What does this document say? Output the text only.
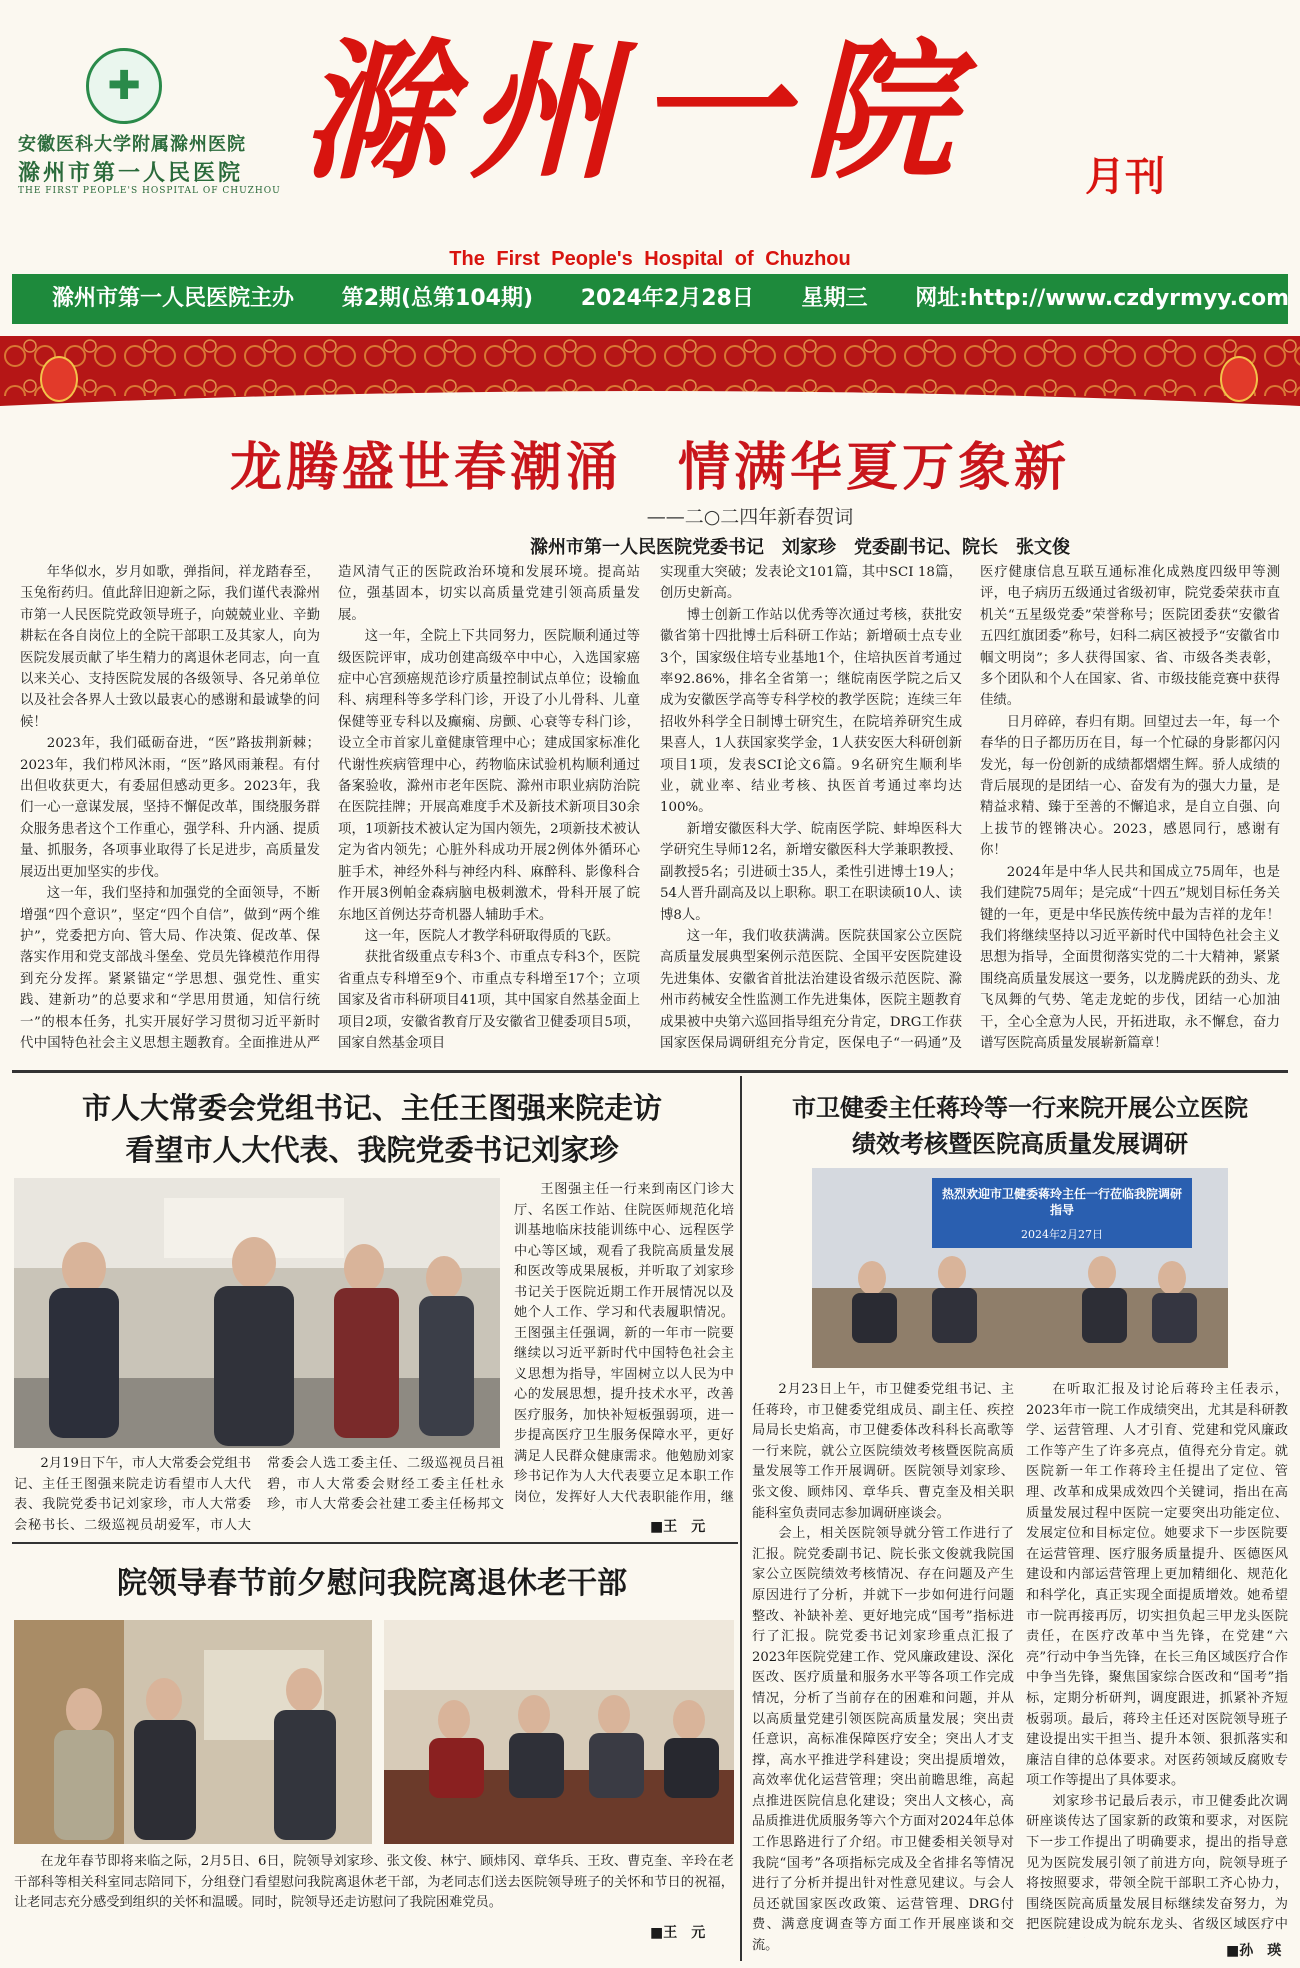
✚
安徽医科大学附属滁州医院
滁州市第一人民医院
THE FIRST PEOPLE'S HOSPITAL OF CHUZHOU 滁州一院	月刊
The First People's Hospital of Chuzhou
滁州市第一人民医院主办 第2期(总第104期) 2024年2月28日 星期三 网址:http://www.czdyrmyy.com
龙腾盛世春潮涌　情满华夏万象新
——二○二四年新春贺词
滁州市第一人民医院党委书记　刘家珍　党委副书记、院长　张文俊

年华似水，岁月如歌，弹指间，祥龙踏春至，玉兔衔药归。值此辞旧迎新之际，我们谨代表滁州市第一人民医院党政领导班子，向兢兢业业、辛勤耕耘在各自岗位上的全院干部职工及其家人，向为医院发展贡献了毕生精力的离退休老同志，向一直以来关心、支持医院发展的各级领导、各兄弟单位以及社会各界人士致以最衷心的感谢和最诚挚的问候！

2023年，我们砥砺奋进，“医”路拔荆新棘；2023年，我们栉风沐雨，“医”路风雨兼程。有付出但收获更大，有委屈但感动更多。2023年，我们一心一意谋发展，坚持不懈促改革，围绕服务群众服务患者这个工作重心，强学科、升内涵、提质量、抓服务，各项事业取得了长足进步，高质量发展迈出更加坚实的步伐。

这一年，我们坚持和加强党的全面领导，不断增强“四个意识”，坚定“四个自信”，做到“两个维护”，党委把方向、管大局、作决策、促改革、保落实作用和党支部战斗堡垒、党员先锋模范作用得到充分发挥。紧紧锚定“学思想、强党性、重实践、建新功”的总要求和“学思用贯通，知信行统一”的根本任务，扎实开展好学习贯彻习近平新时代中国特色社会主义思想主题教育。全面推进从严

造风清气正的医院政治环境和发展环境。提高站位，强基固本，切实以高质量党建引领高质量发展。

这一年，全院上下共同努力，医院顺利通过等级医院评审，成功创建高级卒中中心，入选国家癌症中心宫颈癌规范诊疗质量控制试点单位；设输血科、病理科等多学科门诊，开设了小儿骨科、儿童保健等亚专科以及癫痫、房颤、心衰等专科门诊，设立全市首家儿童健康管理中心；建成国家标准化代谢性疾病管理中心，药物临床试验机构顺利通过备案验收，滁州市老年医院、滁州市职业病防治院在医院挂牌；开展高难度手术及新技术新项目30余项，1项新技术被认定为国内领先，2项新技术被认定为省内领先；心脏外科成功开展2例体外循环心脏手术，神经外科与神经内科、麻醉科、影像科合作开展3例帕金森病脑电极刺激术，骨科开展了皖东地区首例达芬奇机器人辅助手术。

这一年，医院人才教学科研取得质的飞跃。

获批省级重点专科3个、市重点专科3个，医院省重点专科增至9个、市重点专科增至17个；立项国家及省市科研项目41项，其中国家自然基金面上项目2项，安徽省教育厅及安徽省卫健委项目5项，国家自然基金项目

实现重大突破；发表论文101篇，其中SCI 18篇，创历史新高。

博士创新工作站以优秀等次通过考核，获批安徽省第十四批博士后科研工作站；新增硕士点专业3个，国家级住培专业基地1个，住培执医首考通过率92.86%，排名全省第一；继皖南医学院之后又成为安徽医学高等专科学校的教学医院；连续三年招收外科学全日制博士研究生，在院培养研究生成果喜人，1人获国家奖学金，1人获安医大科研创新项目1项，发表SCI论文6篇。9名研究生顺利毕业，就业率、结业考核、执医首考通过率均达100%。

新增安徽医科大学、皖南医学院、蚌埠医科大学研究生导师12名，新增安徽医科大学兼职教授、副教授5名；引进硕士35人，柔性引进博士19人；54人晋升副高及以上职称。职工在职读硕10人、读博8人。

这一年，我们收获满满。医院获国家公立医院高质量发展典型案例示范医院、全国平安医院建设先进集体、安徽省首批法治建设省级示范医院、滁州市药械安全性监测工作先进集体，医院主题教育成果被中央第六巡回指导组充分肯定，DRG工作获国家医保局调研组充分肯定，医保电子“一码通”及

医疗健康信息互联互通标准化成熟度四级甲等测评，电子病历五级通过省级初审，院党委荣获市直机关“五星级党委”荣誉称号；医院团委获“安徽省五四红旗团委”称号，妇科二病区被授予“安徽省巾帼文明岗”；多人获得国家、省、市级各类表彰，多个团队和个人在国家、省、市级技能竞赛中获得佳绩。

日月碎碎，春归有期。回望过去一年，每一个春华的日子都历历在目，每一个忙碌的身影都闪闪发光，每一份创新的成绩都熠熠生辉。骄人成绩的背后展现的是团结一心、奋发有为的强大力量，是精益求精、臻于至善的不懈追求，是自立自强、向上拔节的铿锵决心。2023，感恩同行，感谢有你！

2024年是中华人民共和国成立75周年，也是我们建院75周年；是完成“十四五”规划目标任务关键的一年，更是中华民族传统中最为吉祥的龙年！我们将继续坚持以习近平新时代中国特色社会主义思想为指导，全面贯彻落实党的二十大精神，紧紧围绕高质量发展这一要务，以龙腾虎跃的劲头、龙飞凤舞的气势、笔走龙蛇的步伐，团结一心加油干，全心全意为人民，开拓进取，永不懈怠，奋力谱写医院高质量发展崭新篇章！

市人大常委会党组书记、主任王图强来院走访
看望市人大代表、我院党委书记刘家珍

王图强主任一行来到南区门诊大厅、名医工作站、住院医师规范化培训基地临床技能训练中心、远程医学中心等区域，观看了我院高质量发展和医改等成果展板，并听取了刘家珍书记关于医院近期工作开展情况以及她个人工作、学习和代表履职情况。王图强主任强调，新的一年市一院要继续以习近平新时代中国特色社会主义思想为指导，牢固树立以人民为中心的发展思想，提升技术水平，改善医疗服务，加快补短板强弱项，进一步提高医疗卫生服务保障水平，更好满足人民群众健康需求。他勉励刘家珍书记作为人大代表要立足本职工作岗位，发挥好人大代表职能作用，继

2月19日下午，市人大常委会党组书记、主任王图强来院走访看望市人大代表、我院党委书记刘家珍，市人大常委会秘书长、二级巡视员胡爱军，市人大常委会人选工委主任、二级巡视员吕祖碧，市人大常委会财经工委主任杜永珍，市人大常委会社建工委主任杨邦文

■王　元
院领导春节前夕慰问我院离退休老干部

在龙年春节即将来临之际，2月5日、6日，院领导刘家珍、张文俊、林宁、顾炜冈、章华兵、王玫、曹克奎、辛玲在老干部科等相关科室同志陪同下，分组登门看望慰问我院离退休老干部，为老同志们送去医院领导班子的关怀和节日的祝福，让老同志充分感受到组织的关怀和温暖。同时，院领导还走访慰问了我院困难党员。

■王　元
市卫健委主任蒋玲等一行来院开展公立医院
绩效考核暨医院高质量发展调研
热烈欢迎市卫健委蒋玲主任一行莅临我院调研指导
2024年2月27日

2月23日上午，市卫健委党组书记、主任蒋玲，市卫健委党组成员、副主任、疾控局局长史焰高，市卫健委体改科科长高歌等一行来院，就公立医院绩效考核暨医院高质量发展等工作开展调研。医院领导刘家珍、张文俊、顾炜冈、章华兵、曹克奎及相关职能科室负责同志参加调研座谈会。

会上，相关医院领导就分管工作进行了汇报。院党委副书记、院长张文俊就我院国家公立医院绩效考核情况、存在问题及产生原因进行了分析，并就下一步如何进行问题整改、补缺补差、更好地完成“国考”指标进行了汇报。院党委书记刘家珍重点汇报了2023年医院党建工作、党风廉政建设、深化医改、医疗质量和服务水平等各项工作完成情况，分析了当前存在的困难和问题，并从以高质量党建引领医院高质量发展；突出责任意识，高标准保障医疗安全；突出人才支撑，高水平推进学科建设；突出提质增效，高效率优化运营管理；突出前瞻思维，高起点推进医院信息化建设；突出人文核心，高品质推进优质服务等六个方面对2024年总体工作思路进行了介绍。市卫健委相关领导对我院“国考”各项指标完成及全省排名等情况进行了分析并提出针对性意见建议。与会人员还就国家医改政策、运营管理、DRG付费、满意度调查等方面工作开展座谈和交流。

在听取汇报及讨论后蒋玲主任表示，2023年市一院工作成绩突出，尤其是科研教学、运营管理、人才引育、党建和党风廉政工作等产生了许多亮点，值得充分肯定。就医院新一年工作蒋玲主任提出了定位、管理、改革和成果成效四个关键词，指出在高质量发展过程中医院一定要突出功能定位、发展定位和目标定位。她要求下一步医院要在运营管理、医疗服务质量提升、医德医风建设和内部运营管理上更加精细化、规范化和科学化，真正实现全面提质增效。她希望市一院再接再厉，切实担负起三甲龙头医院责任，在医疗改革中当先锋，在党建“六亮”行动中争当先锋，在长三角区域医疗合作中争当先锋，聚焦国家综合医改和“国考”指标，定期分析研判，调度跟进，抓紧补齐短板弱项。最后，蒋玲主任还对医院领导班子建设提出实干担当、提升本领、狠抓落实和廉洁自律的总体要求。对医药领域反腐败专项工作等提出了具体要求。

刘家珍书记最后表示，市卫健委此次调研座谈传达了国家新的政策和要求，对医院下一步工作提出了明确要求，提出的指导意见为医院发展引领了前进方向，院领导班子将按照要求，带领全院干部职工齐心协力，围绕医院高质量发展目标继续发奋努力，为把医院建设成为皖东龙头、省级区域医疗中

■孙　瑛
